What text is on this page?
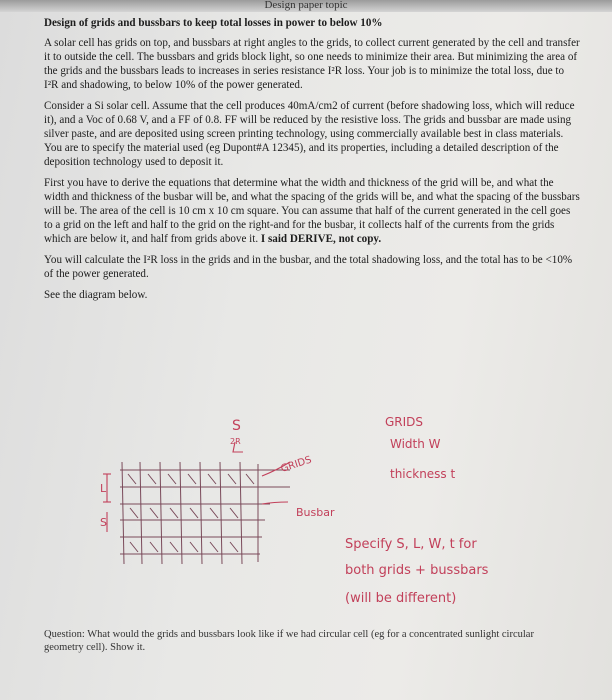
Design paper topic

Design of grids and bussbars to keep total losses in power to below 10%

A solar cell has grids on top, and bussbars at right angles to the grids, to collect current generated by the cell and transfer it to outside the cell. The bussbars and grids block light, so one needs to minimize their area. But minimizing the area of the grids and the bussbars leads to increases in series resistance I²R loss. Your job is to minimize the total loss, due to I²R and shadowing, to below 10% of the power generated.

Consider a Si solar cell. Assume that the cell produces 40mA/cm2 of current (before shadowing loss, which will reduce it), and a Voc of 0.68 V, and a FF of 0.8. FF will be reduced by the resistive loss. The grids and bussbar are made using silver paste, and are deposited using screen printing technology, using commercially available best in class materials. You are to specify the material used (eg Dupont#A 12345), and its properties, including a detailed description of the deposition technology used to deposit it.

First you have to derive the equations that determine what the width and thickness of the grid will be, and what the width and thickness of the busbar will be, and what the spacing of the grids will be, and what the spacing of the bussbars will be. The area of the cell is 10 cm x 10 cm square. You can assume that half of the current generated in the cell goes to a grid on the left and half to the grid on the right-and for the busbar, it collects half of the currents from the grids which are below it, and half from grids above it. I said DERIVE, not copy.

You will calculate the I²R loss in the grids and in the busbar, and the total shadowing loss, and the total has to be <10% of the power generated.

See the diagram below.

S
2R
GRIDS
GRIDS
Width W
thickness t
Busbar
L
S
Specify S, L, W, t for
both grids + bussbars
(will be different)
Question: What would the grids and bussbars look like if we had circular cell (eg for a concentrated sunlight circular geometry cell). Show it.
